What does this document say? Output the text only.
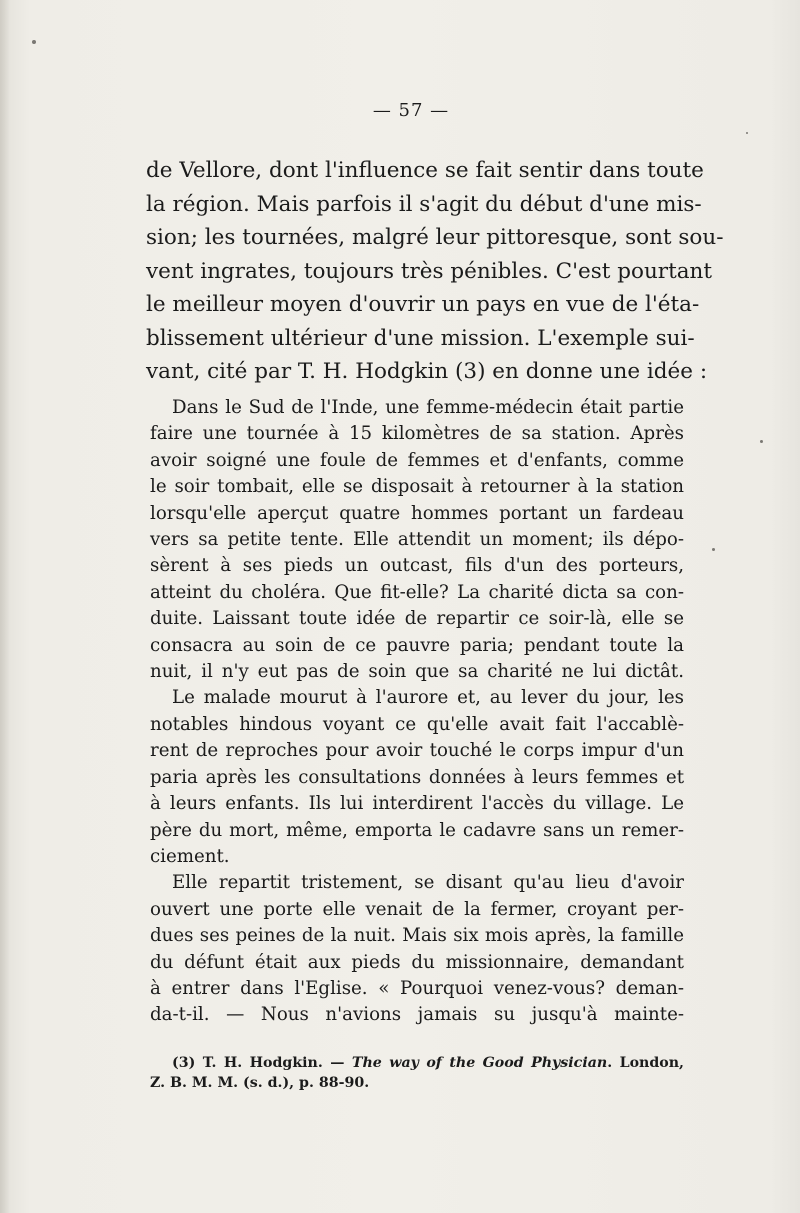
— 57 —
de Vellore, dont l'influence se fait sentir dans toute
la région. Mais parfois il s'agit du début d'une mis-
sion; les tournées, malgré leur pittoresque, sont sou-
vent ingrates, toujours très pénibles. C'est pourtant
le meilleur moyen d'ouvrir un pays en vue de l'éta-
blissement ultérieur d'une mission. L'exemple sui-
vant, cité par T. H. Hodgkin (3) en donne une idée :
Dans le Sud de l'Inde, une femme-médecin était partie
faire une tournée à 15 kilomètres de sa station. Après
avoir soigné une foule de femmes et d'enfants, comme
le soir tombait, elle se disposait à retourner à la station
lorsqu'elle aperçut quatre hommes portant un fardeau
vers sa petite tente. Elle attendit un moment; ils dépo-
sèrent à ses pieds un outcast, fils d'un des porteurs,
atteint du choléra. Que fit-elle? La charité dicta sa con-
duite. Laissant toute idée de repartir ce soir-là, elle se
consacra au soin de ce pauvre paria; pendant toute la
nuit, il n'y eut pas de soin que sa charité ne lui dictât.
Le malade mourut à l'aurore et, au lever du jour, les
notables hindous voyant ce qu'elle avait fait l'accablè-
rent de reproches pour avoir touché le corps impur d'un
paria après les consultations données à leurs femmes et
à leurs enfants. Ils lui interdirent l'accès du village. Le
père du mort, même, emporta le cadavre sans un remer-
ciement.
Elle repartit tristement, se disant qu'au lieu d'avoir
ouvert une porte elle venait de la fermer, croyant per-
dues ses peines de la nuit. Mais six mois après, la famille
du défunt était aux pieds du missionnaire, demandant
à entrer dans l'Eglise. « Pourquoi venez-vous? deman-
da-t-il. — Nous n'avions jamais su jusqu'à mainte-
(3) T. H. Hodgkin. — The way of the Good Physician. London,
Z. B. M. M. (s. d.), p. 88-90.
